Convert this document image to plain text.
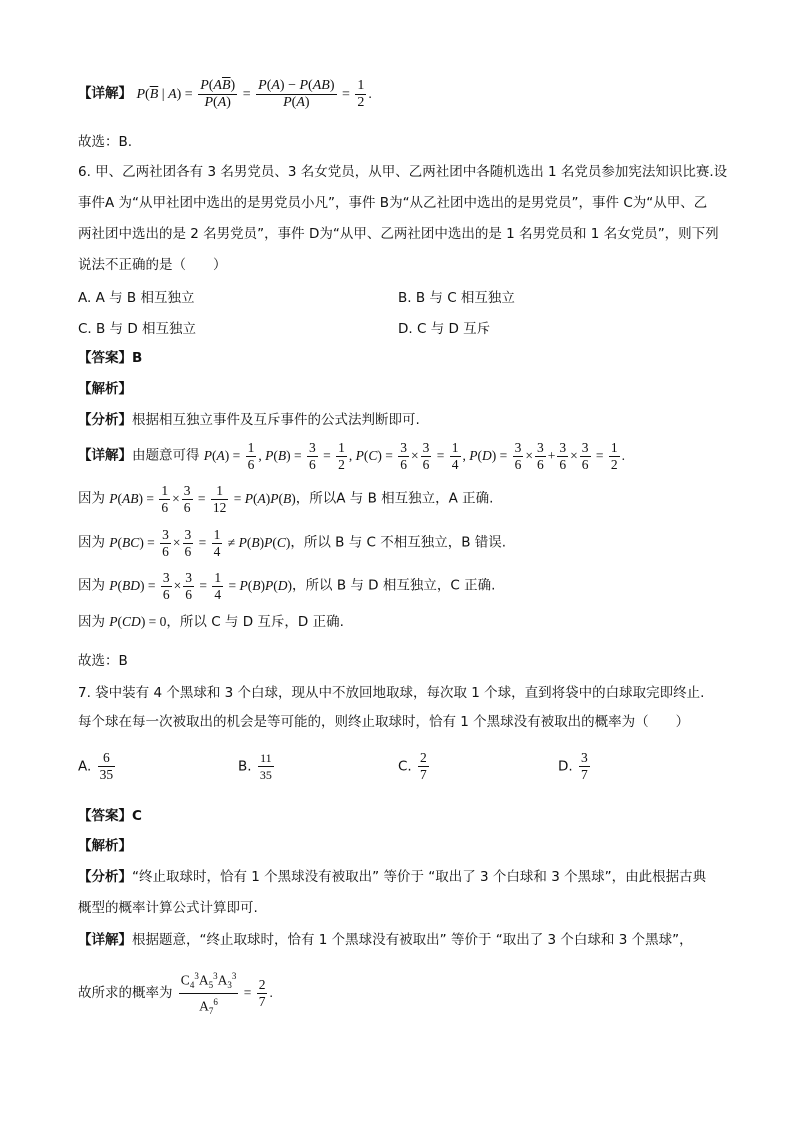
【详解】 $P(\overline{B}$ | $A) = \frac{P(A\overline{B})}{P(A)} = \frac{P(A) - P(AB)}{P(A)} = \frac{1}{2}$ .
故选：B.
6. 甲、乙两社团各有 3 名男党员、3 名女党员，从甲、乙两社团中各随机选出 1 名党员参加宪法知识比赛.设
事件A 为“从甲社团中选出的是男党员小凡”，事件 B为“从乙社团中选出的是男党员”，事件 C为“从甲、乙
两社团中选出的是 2 名男党员”，事件 D为“从甲、乙两社团中选出的是 1 名男党员和 1 名女党员”，则下列
说法不正确的是（　　）
A. A 与 B 相互独立	B. B 与 C 相互独立
C. B 与 D 相互独立	D. C 与 D 互斥
【答案】B
【解析】
【分析】根据相互独立事件及互斥事件的公式法判断即可.
【详解】由题意可得 $P(A) = \frac{1}{6}$ , $P(B) = \frac{3}{6} = \frac{1}{2}$ , $P(C) = \frac{3}{6} \times \frac{3}{6} = \frac{1}{4}$ , $P(D) = \frac{3}{6} \times \frac{3}{6} + \frac{3}{6} \times \frac{3}{6} = \frac{1}{2}$ .
因为 $P(AB) = \frac{1}{6} \times \frac{3}{6} = \frac{1}{12} = P(A)P(B)$，所以A 与 B 相互独立，A 正确.
因为 $P(BC) = \frac{3}{6} \times \frac{3}{6} = \frac{1}{4} \ne P(B)P(C)$，所以 B 与 C 不相互独立，B 错误.
因为 $P(BD) = \frac{3}{6} \times \frac{3}{6} = \frac{1}{4} = P(B)P(D)$，所以 B 与 D 相互独立，C 正确.
因为 P(CD) = 0，所以 C 与 D 互斥，D 正确.
故选：B
7. 袋中装有 4 个黑球和 3 个白球，现从中不放回地取球，每次取 1 个球，直到将袋中的白球取完即终止.
每个球在每一次被取出的机会是等可能的，则终止取球时，恰有 1 个黑球没有被取出的概率为（　　）
A. $\frac{6}{35}$	B. $\frac{11}{35}$	C. $\frac{2}{7}$	D. $\frac{3}{7}$
【答案】C
【解析】
【分析】“终止取球时，恰有 1 个黑球没有被取出” 等价于 “取出了 3 个白球和 3 个黑球”，由此根据古典
概型的概率计算公式计算即可.
【详解】根据题意，“终止取球时，恰有 1 个黑球没有被取出” 等价于 “取出了 3 个白球和 3 个黑球”，
故所求的概率为 $\frac{C_4^3A_5^3A_3^3}{A_7^6} = \frac{2}{7}$ .
